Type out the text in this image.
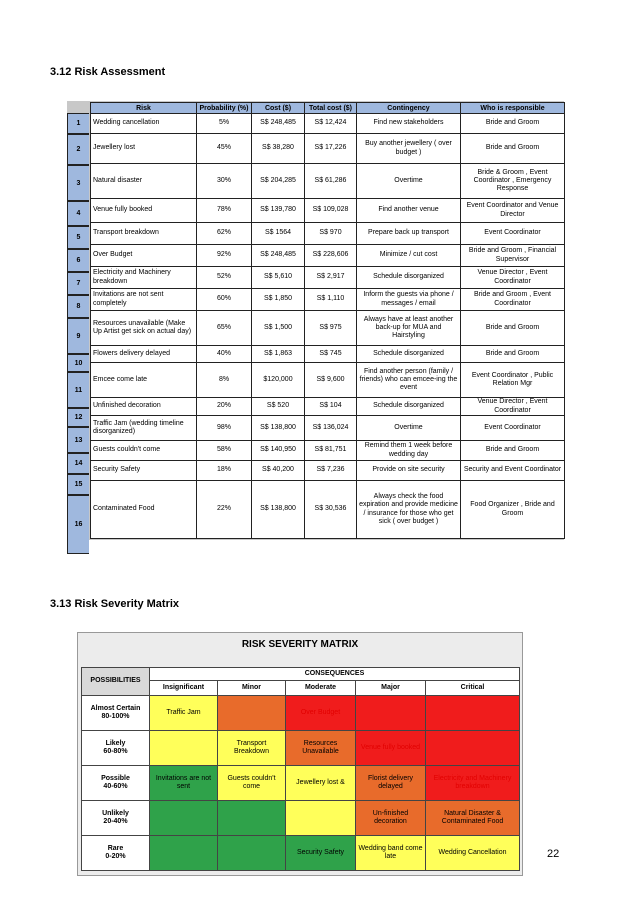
3.12 Risk Assessment
Risk	Probability (%)	Cost ($)	Total cost ($)	Contingency	Who is responsible
Wedding cancellation	5%	S$ 248,485	S$ 12,424	Find new stakeholders	Bride and Groom
Jewellery lost	45%	S$ 38,280	S$ 17,226	Buy another jewellery ( over budget )	Bride and Groom
Natural disaster	30%	S$ 204,285	S$ 61,286	Overtime	Bride & Groom , Event Coordinator , Emergency Response
Venue fully booked	78%	S$ 139,780	S$ 109,028	Find another venue	Event Coordinator and Venue Director
Transport breakdown	62%	S$ 1564	S$ 970	Prepare back up transport	Event Coordinator
Over Budget	92%	S$ 248,485	S$ 228,606	Minimize / cut cost	Bride and Groom , Financial Supervisor
Electricity and Machinery breakdown	52%	S$ 5,610	S$ 2,917	Schedule disorganized	Venue Director , Event Coordinator
Invitations are not sent completely	60%	S$ 1,850	S$ 1,110	Inform the guests via phone / messages / email	Bride and Groom , Event Coordinator
Resources unavailable (Make Up Artist get sick on actual day)	65%	S$ 1,500	S$ 975	Always have at least another back-up for MUA and Hairstyling	Bride and Groom
Flowers delivery delayed	40%	S$ 1,863	S$ 745	Schedule disorganized	Bride and Groom
Emcee come late	8%	$120,000	S$ 9,600	Find another person (family / friends) who can emcee-ing the event	Event Coordinator , Public Relation Mgr
Unfinished decoration	20%	S$ 520	S$ 104	Schedule disorganized	Venue Director , Event Coordinator
Traffic Jam (wedding timeline disorganized)	98%	S$ 138,800	S$ 136,024	Overtime	Event Coordinator
Guests couldn't come	58%	S$ 140,950	S$ 81,751	Remind them 1 week before wedding day	Bride and Groom
Security Safety	18%	S$ 40,200	S$ 7,236	Provide on site security	Security and Event Coordinator
Contaminated Food	22%	S$ 138,800	S$ 30,536	Always check the food expiration and provide medicine / insurance for those who get sick ( over budget )	Food Organizer , Bride and Groom
1
2
3
4
5
6
7
8
9
10
11
12
13
14
15
16
3.13 Risk Severity Matrix
RISK SEVERITY MATRIX
POSSIBILITIES	CONSEQUENCES				
	Insignificant	Minor	Moderate	Major	Critical

Almost Certain
80-100%	Traffic Jam		Over Budget		

Likely
60-80%		Transport Breakdown	Resources Unavailable	Venue fully booked	

Possible
40-60%	Invitations are not sent	Guests couldn't come	Jewellery lost &	Florist delivery delayed	Electricity and Machinery breakdown

Unlikely
20-40%				Un-finished decoration	Natural Disaster & Contaminated Food

Rare
0-20%			Security Safety	Wedding band come late	Wedding Cancellation	22
